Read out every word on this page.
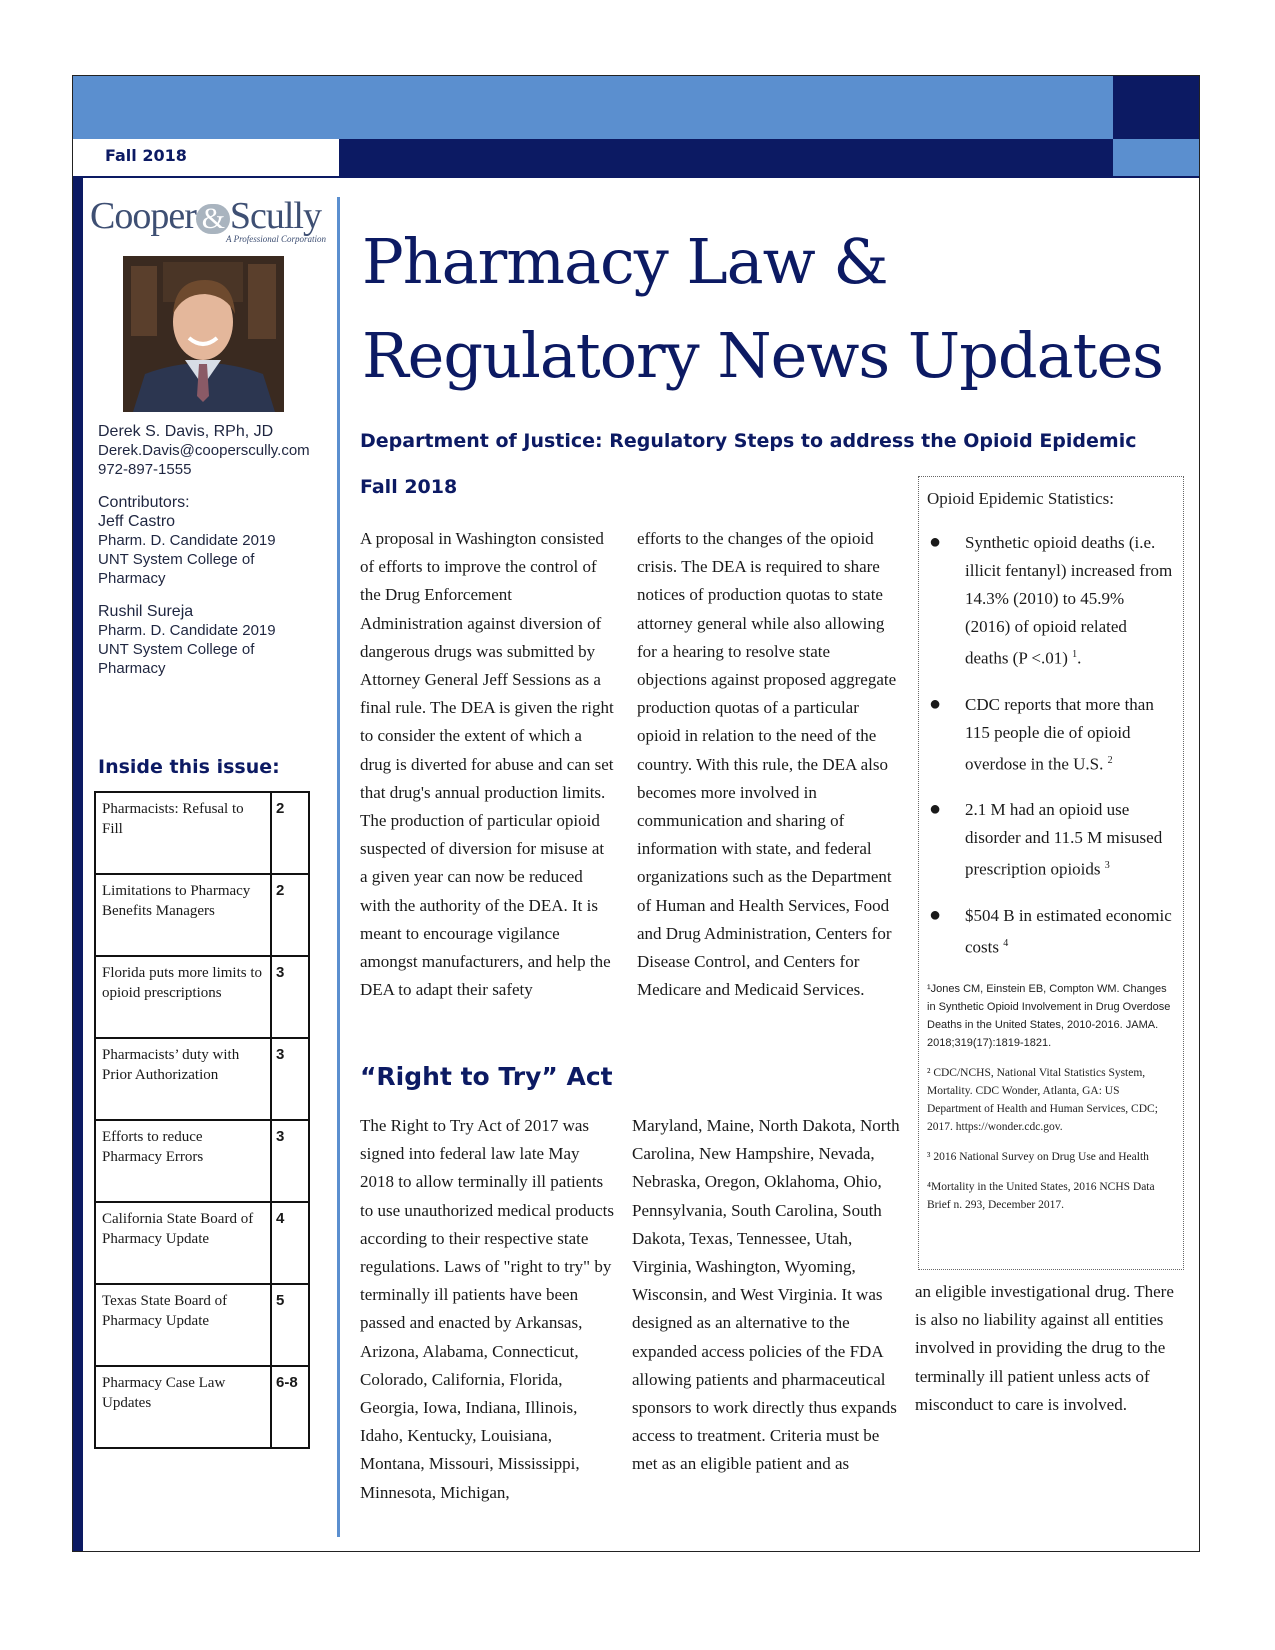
Fall 2018
Cooper & Scully
A Professional Corporation
Derek S. Davis, RPh, JD
Derek.Davis@cooperscully.com
972-897-1555
Contributors:
Jeff Castro
Pharm. D. Candidate 2019
UNT System College of
Pharmacy
Rushil Sureja
Pharm. D. Candidate 2019
UNT System College of
Pharmacy
Inside this issue:
Pharmacists: Refusal to Fill	2
Limitations to Pharmacy Benefits Managers	2
Florida puts more limits to opioid prescriptions	3
Pharmacists’ duty with Prior Authorization	3
Efforts to reduce Pharmacy Errors	3
California State Board of Pharmacy Update	4
Texas State Board of Pharmacy Update	5
Pharmacy Case Law Updates	6-8
Pharmacy Law &
Regulatory News Updates
Department of Justice: Regulatory Steps to address the Opioid Epidemic
Fall 2018
A proposal in Washington consisted of efforts to improve the control of the Drug Enforcement Administration against diversion of dangerous drugs was submitted by Attorney General Jeff Sessions as a final rule. The DEA is given the right to consider the extent of which a drug is diverted for abuse and can set that drug's annual production limits. The production of particular opioid suspected of diversion for misuse at a given year can now be reduced with the authority of the DEA. It is meant to encourage vigilance amongst manufacturers, and help the DEA to adapt their safety
efforts to the changes of the opioid crisis. The DEA is required to share notices of production quotas to state attorney general while also allowing for a hearing to resolve state objections against proposed aggregate production quotas of a particular opioid in relation to the need of the country. With this rule, the DEA also becomes more involved in communication and sharing of information with state, and federal organizations such as the Department of Human and Health Services, Food and Drug Administration, Centers for Disease Control, and Centers for Medicare and Medicaid Services.
Opioid Epidemic Statistics:
● Synthetic opioid deaths (i.e. illicit fentanyl) increased from 14.3% (2010) to 45.9% (2016) of opioid related deaths (P <.01) $^1$.
● CDC reports that more than 115 people die of opioid overdose in the U.S. $^2$
● 2.1 M had an opioid use disorder and 11.5 M misused prescription opioids $^3$
● $504 B in estimated economic costs $^4$
¹Jones CM, Einstein EB, Compton WM. Changes in Synthetic Opioid Involvement in Drug Overdose Deaths in the United States, 2010-2016. JAMA. 2018;319(17):1819-1821.
² CDC/NCHS, National Vital Statistics System, Mortality. CDC Wonder, Atlanta, GA: US Department of Health and Human Services, CDC; 2017. https://wonder.cdc.gov.
³ 2016 National Survey on Drug Use and Health
⁴Mortality in the United States, 2016 NCHS Data Brief n. 293, December 2017.
“Right to Try” Act
The Right to Try Act of 2017 was signed into federal law late May 2018 to allow terminally ill patients to use unauthorized medical products according to their respective state regulations. Laws of "right to try" by terminally ill patients have been passed and enacted by Arkansas, Arizona, Alabama, Connecticut, Colorado, California, Florida, Georgia, Iowa, Indiana, Illinois, Idaho, Kentucky, Louisiana, Montana, Missouri, Mississippi, Minnesota, Michigan,
Maryland, Maine, North Dakota, North Carolina, New Hampshire, Nevada, Nebraska, Oregon, Oklahoma, Ohio, Pennsylvania, South Carolina, South Dakota, Texas, Tennessee, Utah, Virginia, Washington, Wyoming, Wisconsin, and West Virginia. It was designed as an alternative to the expanded access policies of the FDA allowing patients and pharmaceutical sponsors to work directly thus expands access to treatment. Criteria must be met as an eligible patient and as
an eligible investigational drug. There is also no liability against all entities involved in providing the drug to the terminally ill patient unless acts of misconduct to care is involved.
